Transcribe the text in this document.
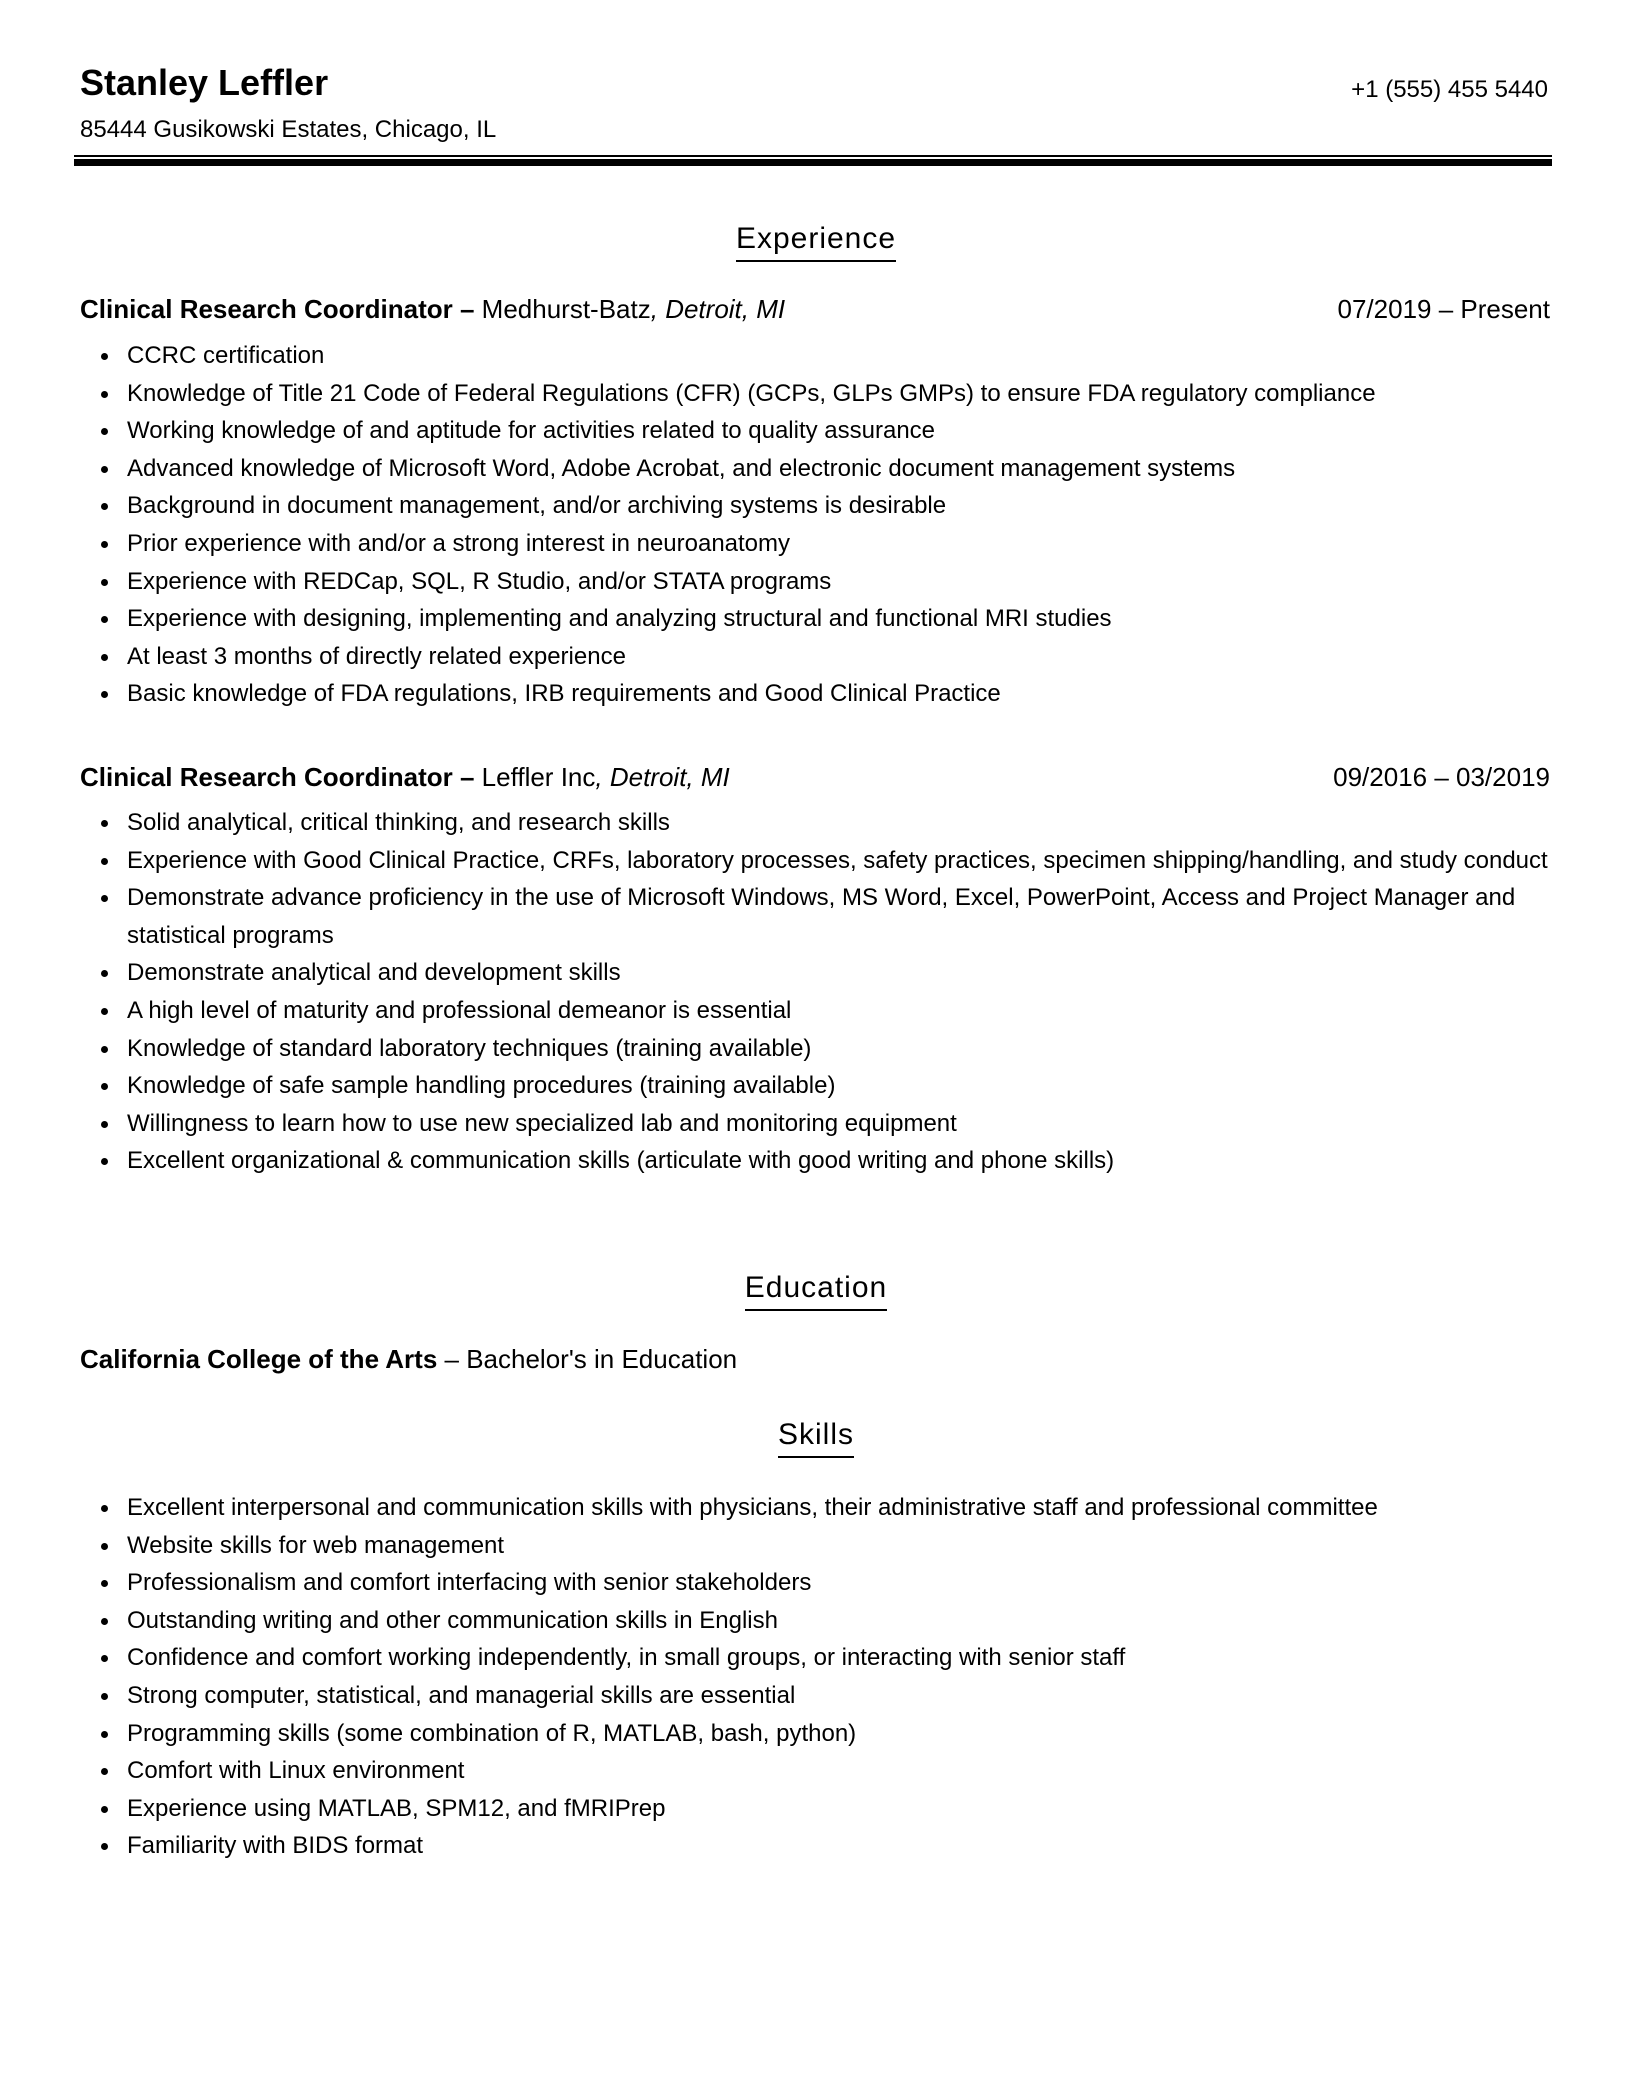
Stanley Leffler	+1 (555) 455 5440
85444 Gusikowski Estates, Chicago, IL
Experience
Clinical Research Coordinator – Medhurst-Batz, Detroit, MI	07/2019 – Present
CCRC certification
Knowledge of Title 21 Code of Federal Regulations (CFR) (GCPs, GLPs GMPs) to ensure FDA regulatory compliance
Working knowledge of and aptitude for activities related to quality assurance
Advanced knowledge of Microsoft Word, Adobe Acrobat, and electronic document management systems
Background in document management, and/or archiving systems is desirable
Prior experience with and/or a strong interest in neuroanatomy
Experience with REDCap, SQL, R Studio, and/or STATA programs
Experience with designing, implementing and analyzing structural and functional MRI studies
At least 3 months of directly related experience
Basic knowledge of FDA regulations, IRB requirements and Good Clinical Practice
Clinical Research Coordinator – Leffler Inc, Detroit, MI	09/2016 – 03/2019
Solid analytical, critical thinking, and research skills
Experience with Good Clinical Practice, CRFs, laboratory processes, safety practices, specimen shipping/handling, and study conduct
Demonstrate advance proficiency in the use of Microsoft Windows, MS Word, Excel, PowerPoint, Access and Project Manager and statistical programs
Demonstrate analytical and development skills
A high level of maturity and professional demeanor is essential
Knowledge of standard laboratory techniques (training available)
Knowledge of safe sample handling procedures (training available)
Willingness to learn how to use new specialized lab and monitoring equipment
Excellent organizational & communication skills (articulate with good writing and phone skills)
Education
California College of the Arts – Bachelor's in Education
Skills
Excellent interpersonal and communication skills with physicians, their administrative staff and professional committee
Website skills for web management
Professionalism and comfort interfacing with senior stakeholders
Outstanding writing and other communication skills in English
Confidence and comfort working independently, in small groups, or interacting with senior staff
Strong computer, statistical, and managerial skills are essential
Programming skills (some combination of R, MATLAB, bash, python)
Comfort with Linux environment
Experience using MATLAB, SPM12, and fMRIPrep
Familiarity with BIDS format
